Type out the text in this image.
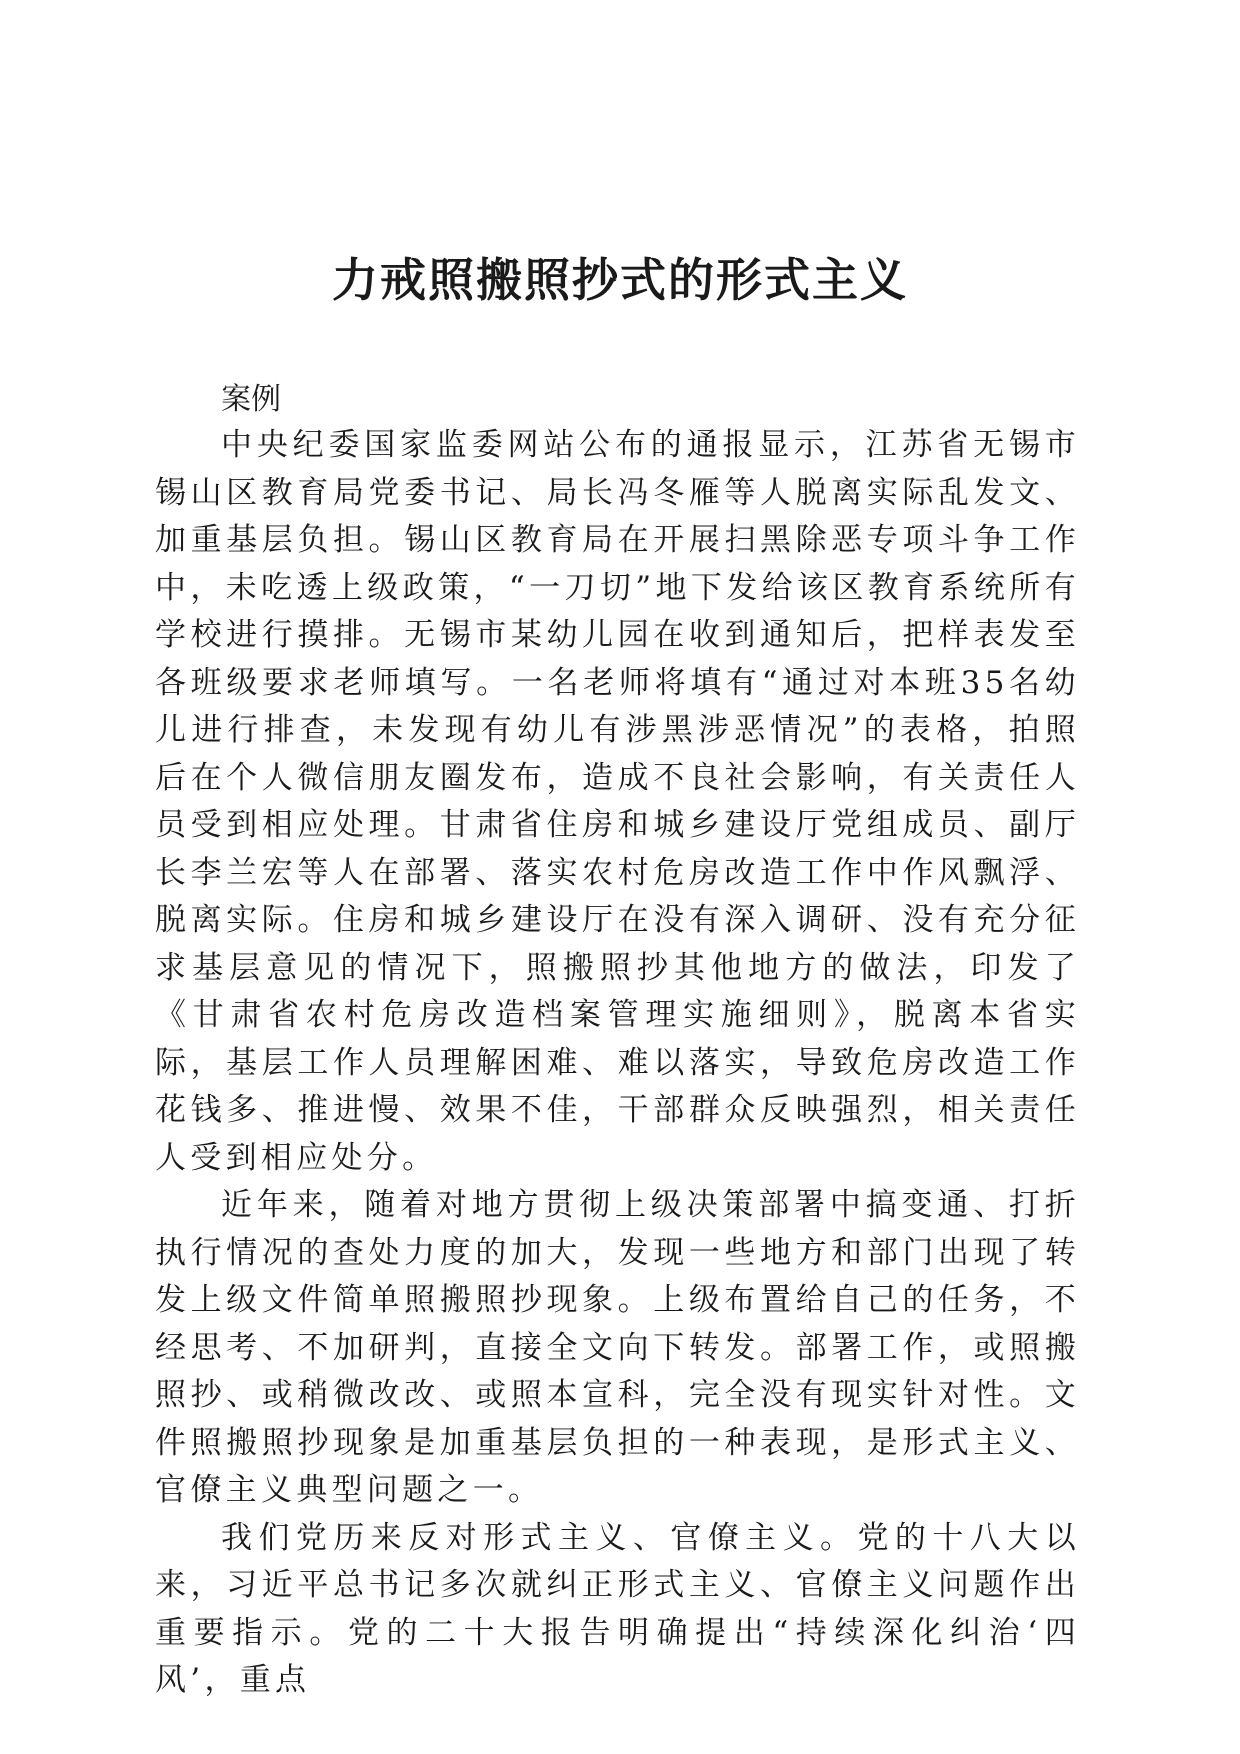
力戒照搬照抄式的形式主义

案例

中央纪委国家监委网站公布的通报显示，江苏省无锡市锡山区教育局党委书记、局长冯冬雁等人脱离实际乱发文、加重基层负担。锡山区教育局在开展扫黑除恶专项斗争工作中，未吃透上级政策，“一刀切”地下发给该区教育系统所有学校进行摸排。无锡市某幼儿园在收到通知后，把样表发至各班级要求老师填写。一名老师将填有“通过对本班35名幼儿进行排查，未发现有幼儿有涉黑涉恶情况”的表格，拍照后在个人微信朋友圈发布，造成不良社会影响，有关责任人员受到相应处理。甘肃省住房和城乡建设厅党组成员、副厅长李兰宏等人在部署、落实农村危房改造工作中作风飘浮、脱离实际。住房和城乡建设厅在没有深入调研、没有充分征求基层意见的情况下，照搬照抄其他地方的做法，印发了《甘肃省农村危房改造档案管理实施细则》，脱离本省实际，基层工作人员理解困难、难以落实，导致危房改造工作花钱多、推进慢、效果不佳，干部群众反映强烈，相关责任人受到相应处分。

近年来，随着对地方贯彻上级决策部署中搞变通、打折执行情况的查处力度的加大，发现一些地方和部门出现了转发上级文件简单照搬照抄现象。上级布置给自己的任务，不经思考、不加研判，直接全文向下转发。部署工作，或照搬照抄、或稍微改改、或照本宣科，完全没有现实针对性。文件照搬照抄现象是加重基层负担的一种表现，是形式主义、官僚主义典型问题之一。

我们党历来反对形式主义、官僚主义。党的十八大以来，习近平总书记多次就纠正形式主义、官僚主义问题作出重要指示。党的二十大报告明确提出“持续深化纠治‘四风’，重点
